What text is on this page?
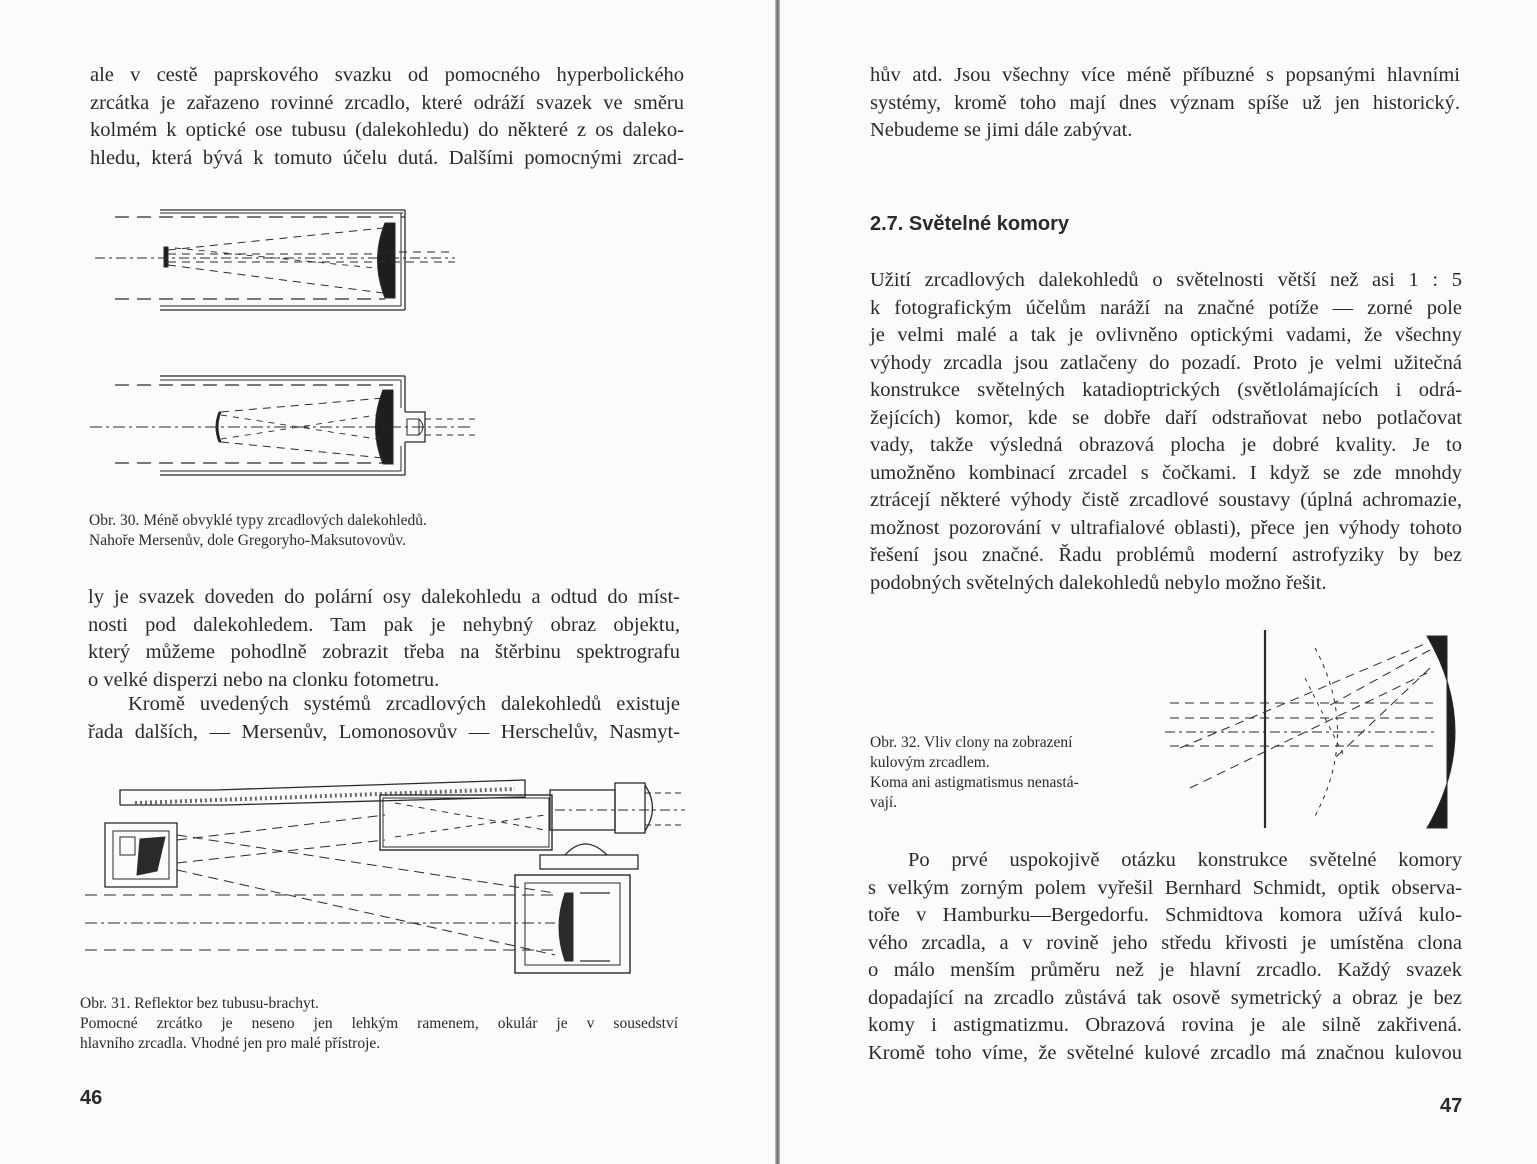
ale v cestě paprskového svazku od pomocného hyperbolického
zrcátka je zařazeno rovinné zrcadlo, které odráží svazek ve směru
kolmém k optické ose tubusu (dalekohledu) do některé z os daleko-
hledu, která bývá k tomuto účelu dutá. Dalšími pomocnými zrcad-
Obr. 30. Méně obvyklé typy zrcadlových dalekohledů.
Nahoře Mersenův, dole Gregoryho-Maksutovovův.
ly je svazek doveden do polární osy dalekohledu a odtud do míst-
nosti pod dalekohledem. Tam pak je nehybný obraz objektu,
který můžeme pohodlně zobrazit třeba na štěrbinu spektrografu
o velké disperzi nebo na clonku fotometru.
Kromě uvedených systémů zrcadlových dalekohledů existuje
řada dalších, — Mersenův, Lomonosovův — Herschelův, Nasmyt-
Obr. 31. Reflektor bez tubusu-brachyt.
Pomocné zrcátko je neseno jen lehkým ramenem, okulár je v sousedství
hlavního zrcadla. Vhodné jen pro malé přístroje.
46
hův atd. Jsou všechny více méně příbuzné s popsanými hlavními
systémy, kromě toho mají dnes význam spíše už jen historický.
Nebudeme se jimi dále zabývat.
2.7. Světelné komory
Užití zrcadlových dalekohledů o světelnosti větší než asi 1 : 5
k fotografickým účelům naráží na značné potíže — zorné pole
je velmi malé a tak je ovlivněno optickými vadami, že všechny
výhody zrcadla jsou zatlačeny do pozadí. Proto je velmi užitečná
konstrukce světelných katadioptrických (světlolámajících i odrá-
žejících) komor, kde se dobře daří odstraňovat nebo potlačovat
vady, takže výsledná obrazová plocha je dobré kvality. Je to
umožněno kombinací zrcadel s čočkami. I když se zde mnohdy
ztrácejí některé výhody čistě zrcadlové soustavy (úplná achromazie,
možnost pozorování v ultrafialové oblasti), přece jen výhody tohoto
řešení jsou značné. Řadu problémů moderní astrofyziky by bez
podobných světelných dalekohledů nebylo možno řešit.
Obr. 32. Vliv clony na zobrazení
kulovým zrcadlem.
Koma ani astigmatismus nenastá-
vají.
Po prvé uspokojivě otázku konstrukce světelné komory
s velkým zorným polem vyřešil Bernhard Schmidt, optik observa-
toře v Hamburku—Bergedorfu. Schmidtova komora užívá kulo-
vého zrcadla, a v rovině jeho středu křivosti je umístěna clona
o málo menším průměru než je hlavní zrcadlo. Každý svazek
dopadající na zrcadlo zůstává tak osově symetrický a obraz je bez
komy i astigmatizmu. Obrazová rovina je ale silně zakřivená.
Kromě toho víme, že světelné kulové zrcadlo má značnou kulovou
47
